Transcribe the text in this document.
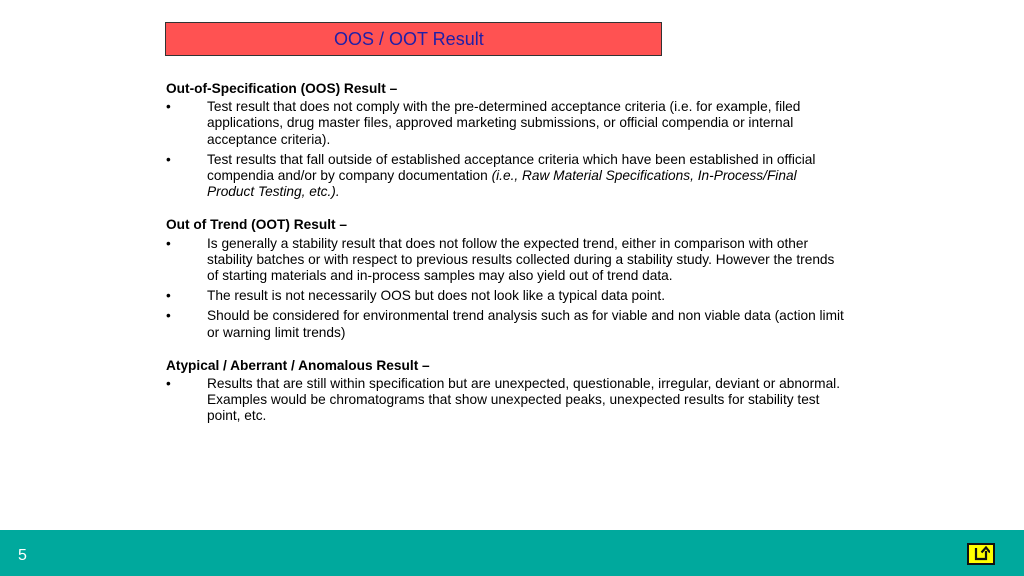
OOS / OOT Result
Out-of-Specification (OOS) Result –
•	Test result that does not comply with the pre-determined acceptance criteria (i.e. for example, filed applications, drug master files, approved marketing submissions, or official compendia or internal acceptance criteria).
•	Test results that fall outside of established acceptance criteria which have been established in official compendia and/or by company documentation (i.e., Raw Material Specifications, In-Process/Final Product Testing, etc.).
Out of Trend (OOT) Result –
•	Is generally a stability result that does not follow the expected trend, either in comparison with other stability batches or with respect to previous results collected during a stability study. However the trends of starting materials and in-process samples may also yield out of trend data.
•	The result is not necessarily OOS but does not look like a typical data point.
•	Should be considered for environmental trend analysis such as for viable and non viable data (action limit or warning limit trends)
Atypical / Aberrant / Anomalous Result –
•	Results that are still within specification but are unexpected, questionable, irregular, deviant or abnormal. Examples would be chromatograms that show unexpected peaks, unexpected results for stability test point, etc.
5
